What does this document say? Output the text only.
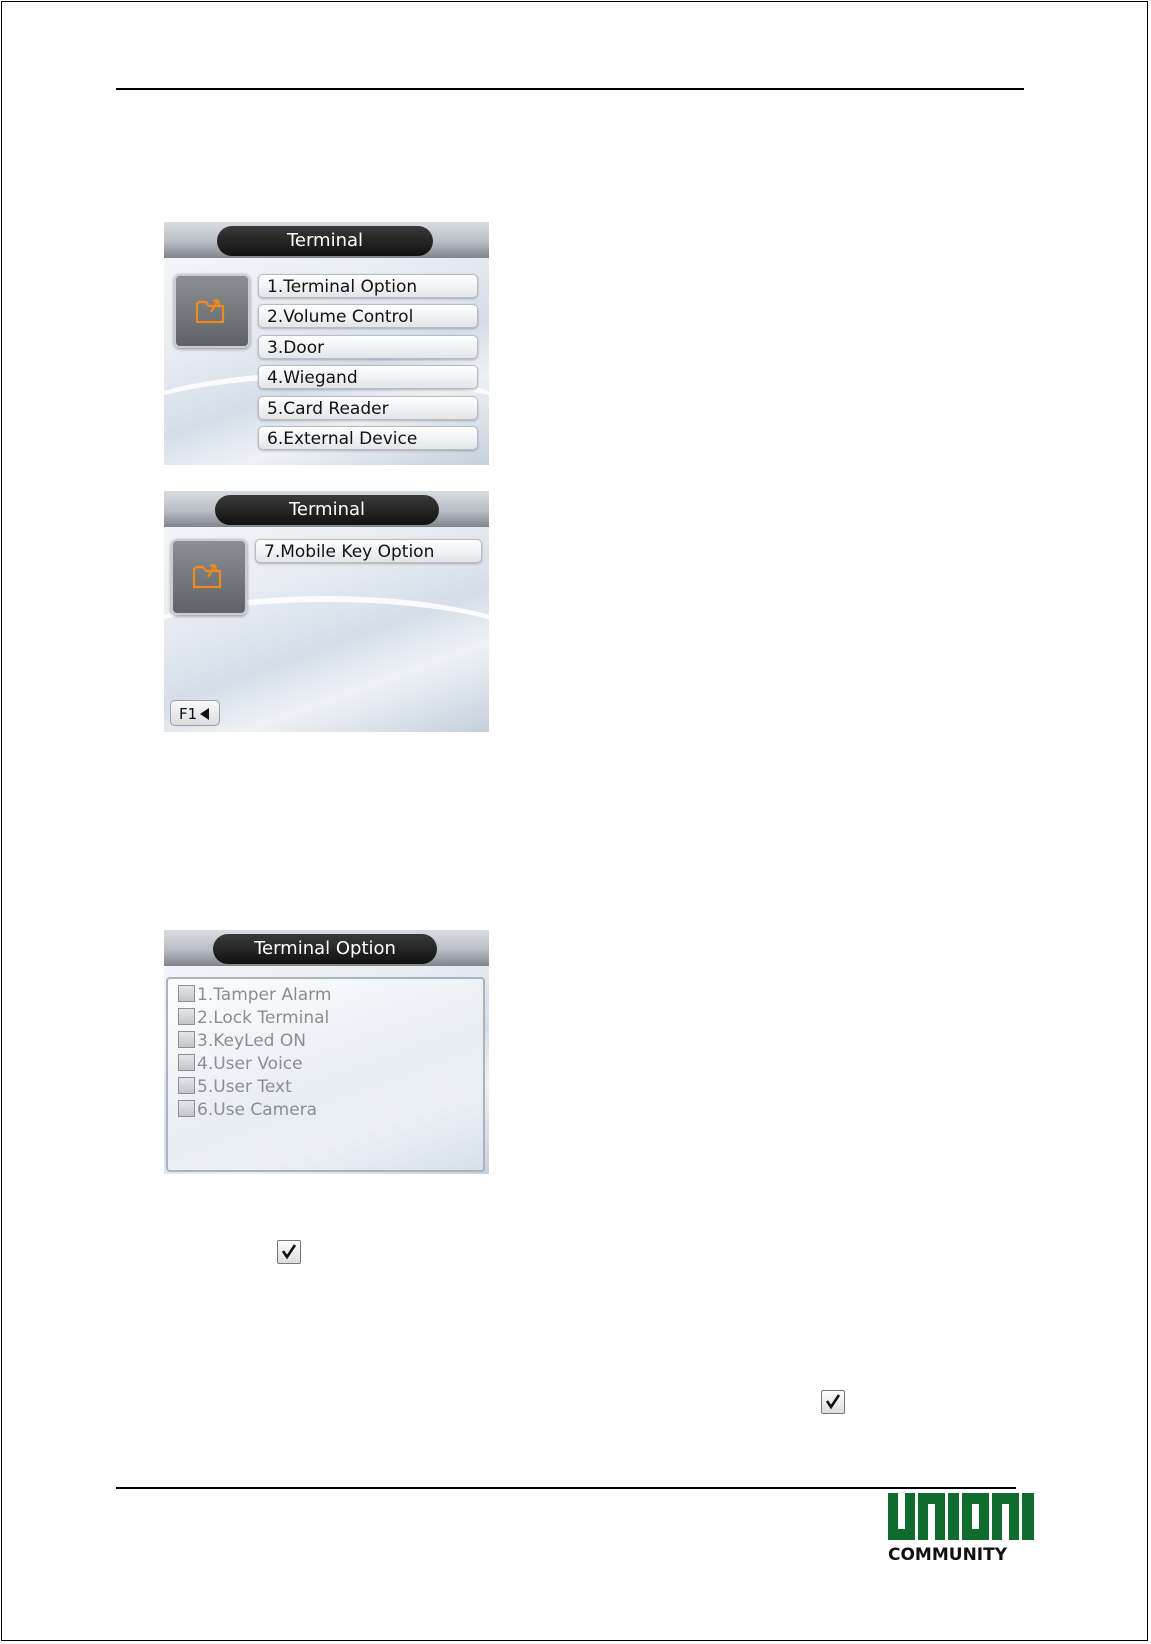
Terminal
1.Terminal Option
2.Volume Control
3.Door
4.Wiegand
5.Card Reader
6.External Device
Terminal
7.Mobile Key Option
F1
Terminal Option
1.Tamper Alarm
2.Lock Terminal
3.KeyLed ON
4.User Voice
5.User Text
6.Use Camera
COMMUNITY
